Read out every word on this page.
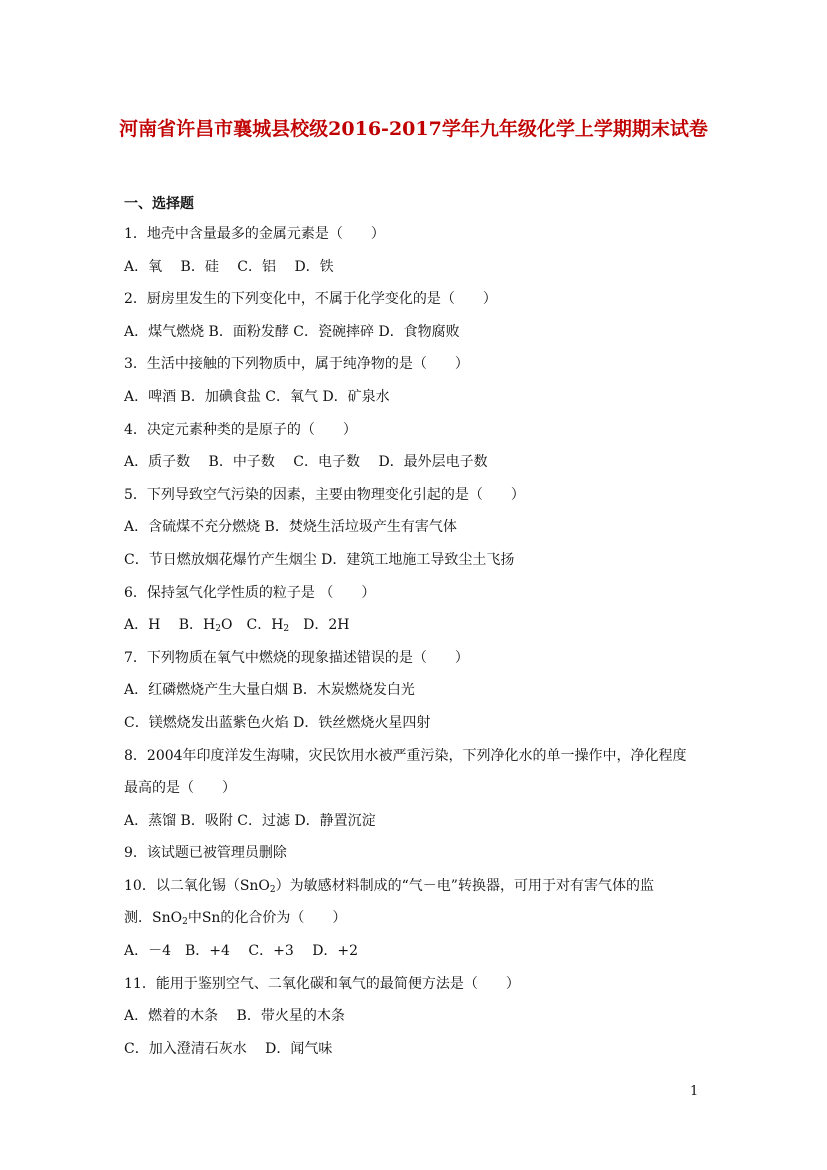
河南省许昌市襄城县校级2016-2017学年九年级化学上学期期末试卷
一、选择题
1．地壳中含量最多的金属元素是（　　）
A．氧　 B．硅　 C．铝　 D．铁
2．厨房里发生的下列变化中，不属于化学变化的是（　　）
A．煤气燃烧 B．面粉发酵 C．瓷碗摔碎 D．食物腐败
3．生活中接触的下列物质中，属于纯净物的是（　　）
A．啤酒 B．加碘食盐 C．氧气 D．矿泉水
4．决定元素种类的是原子的（　　）
A．质子数　 B．中子数　 C．电子数　 D．最外层电子数
5．下列导致空气污染的因素，主要由物理变化引起的是（　　）
A．含硫煤不充分燃烧 B．焚烧生活垃圾产生有害气体
C．节日燃放烟花爆竹产生烟尘 D．建筑工地施工导致尘土飞扬
6．保持氢气化学性质的粒子是 （　　）
A．H　 B．$H_2O$　C．$H_2$　D．2H
7．下列物质在氧气中燃烧的现象描述错误的是（　　）
A．红磷燃烧产生大量白烟 B．木炭燃烧发白光
C．镁燃烧发出蓝紫色火焰 D．铁丝燃烧火星四射
8．2004年印度洋发生海啸，灾民饮用水被严重污染，下列净化水的单一操作中，净化程度
最高的是（　　）
A．蒸馏 B．吸附 C．过滤 D．静置沉淀
9．该试题已被管理员删除
10．以二氧化锡（SnO$_2$）为敏感材料制成的“气－电”转换器，可用于对有害气体的监
测．SnO$_2$中Sn的化合价为（　　）
A．－4　B．+4　 C．+3　 D．+2
11．能用于鉴别空气、二氧化碳和氧气的最简便方法是（　　）
A．燃着的木条　 B．带火星的木条
C．加入澄清石灰水　 D．闻气味
1
